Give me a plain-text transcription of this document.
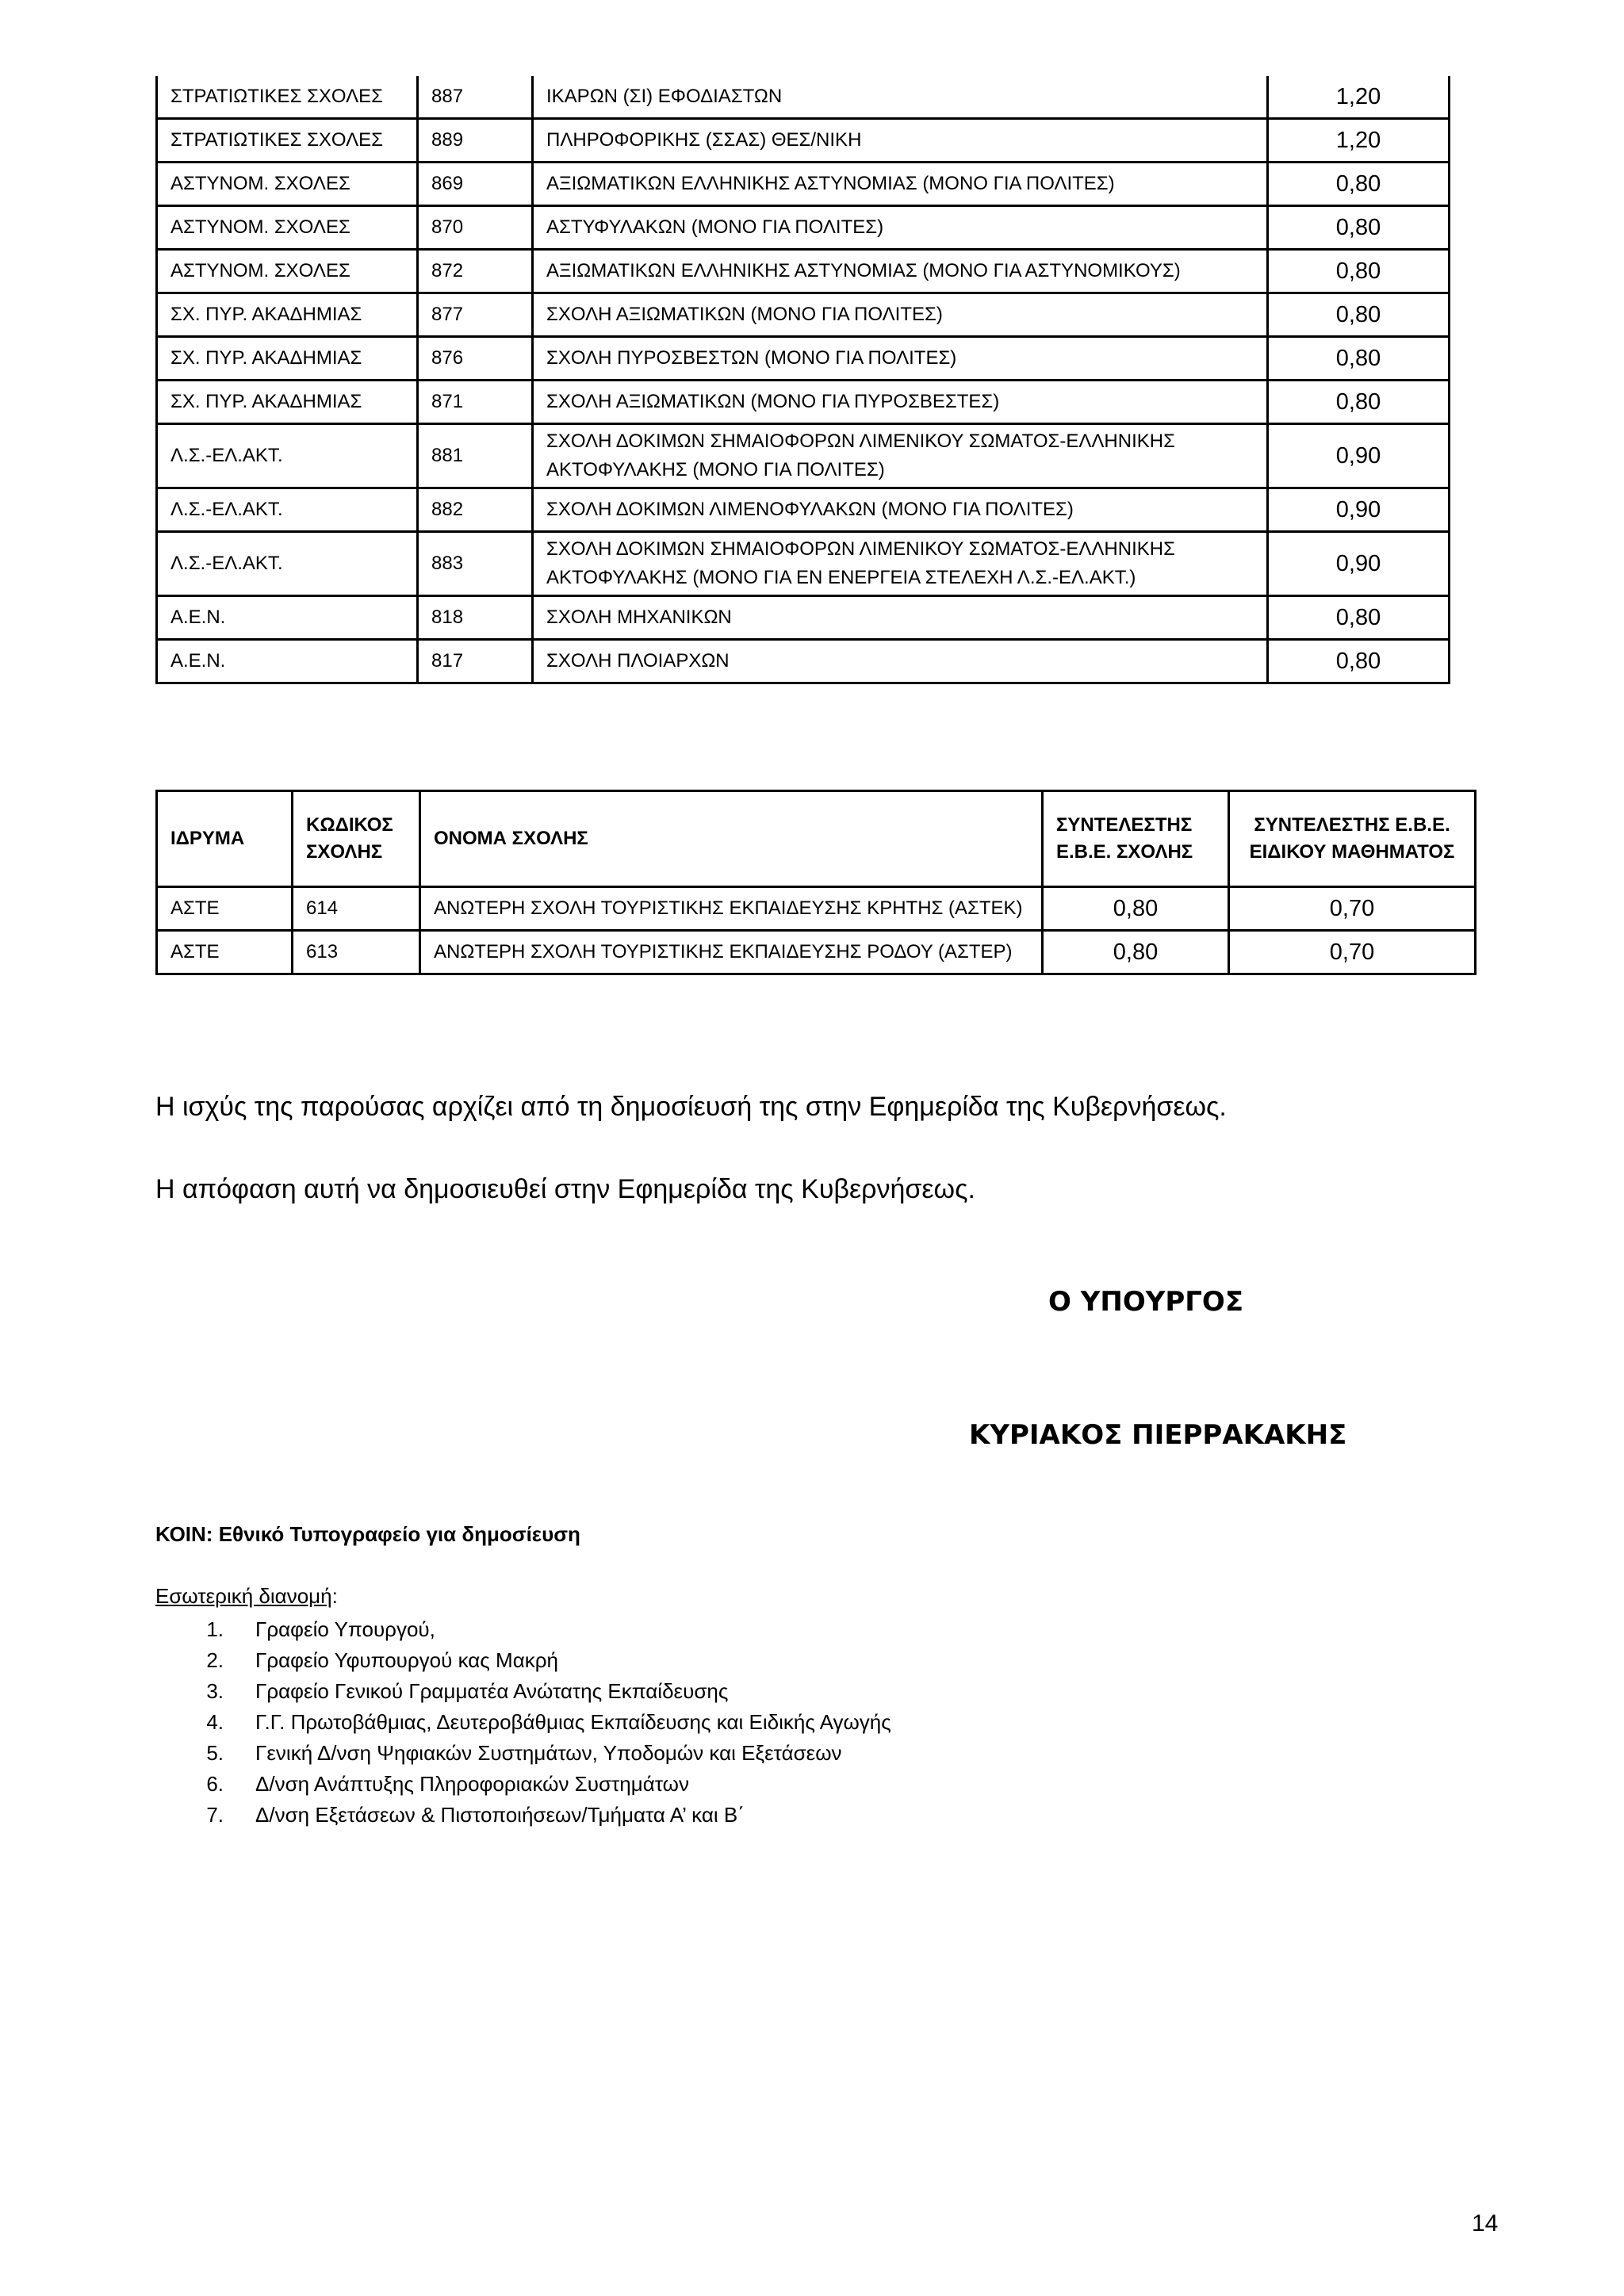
ΣΤΡΑΤΙΩΤΙΚΕΣ ΣΧΟΛΕΣ	887	ΙΚΑΡΩΝ (ΣΙ) ΕΦΟΔΙΑΣΤΩΝ	1,20
ΣΤΡΑΤΙΩΤΙΚΕΣ ΣΧΟΛΕΣ	889	ΠΛΗΡΟΦΟΡΙΚΗΣ (ΣΣΑΣ) ΘΕΣ/ΝΙΚΗ	1,20
ΑΣΤΥΝΟΜ. ΣΧΟΛΕΣ	869	ΑΞΙΩΜΑΤΙΚΩΝ ΕΛΛΗΝΙΚΗΣ ΑΣΤΥΝΟΜΙΑΣ (ΜΟΝΟ ΓΙΑ ΠΟΛΙΤΕΣ)	0,80
ΑΣΤΥΝΟΜ. ΣΧΟΛΕΣ	870	ΑΣΤΥΦΥΛΑΚΩΝ (ΜΟΝΟ ΓΙΑ ΠΟΛΙΤΕΣ)	0,80
ΑΣΤΥΝΟΜ. ΣΧΟΛΕΣ	872	ΑΞΙΩΜΑΤΙΚΩΝ ΕΛΛΗΝΙΚΗΣ ΑΣΤΥΝΟΜΙΑΣ (ΜΟΝΟ ΓΙΑ ΑΣΤΥΝΟΜΙΚΟΥΣ)	0,80
ΣΧ. ΠΥΡ. ΑΚΑΔΗΜΙΑΣ	877	ΣΧΟΛΗ ΑΞΙΩΜΑΤΙΚΩΝ (ΜΟΝΟ ΓΙΑ ΠΟΛΙΤΕΣ)	0,80
ΣΧ. ΠΥΡ. ΑΚΑΔΗΜΙΑΣ	876	ΣΧΟΛΗ ΠΥΡΟΣΒΕΣΤΩΝ (ΜΟΝΟ ΓΙΑ ΠΟΛΙΤΕΣ)	0,80
ΣΧ. ΠΥΡ. ΑΚΑΔΗΜΙΑΣ	871	ΣΧΟΛΗ ΑΞΙΩΜΑΤΙΚΩΝ (ΜΟΝΟ ΓΙΑ ΠΥΡΟΣΒΕΣΤΕΣ)	0,80
Λ.Σ.-ΕΛ.ΑΚΤ.	881	ΣΧΟΛΗ ΔΟΚΙΜΩΝ ΣΗΜΑΙΟΦΟΡΩΝ ΛΙΜΕΝΙΚΟΥ ΣΩΜΑΤΟΣ-ΕΛΛΗΝΙΚΗΣ ΑΚΤΟΦΥΛΑΚΗΣ (ΜΟΝΟ ΓΙΑ ΠΟΛΙΤΕΣ)	0,90
Λ.Σ.-ΕΛ.ΑΚΤ.	882	ΣΧΟΛΗ ΔΟΚΙΜΩΝ ΛΙΜΕΝΟΦΥΛΑΚΩΝ (ΜΟΝΟ ΓΙΑ ΠΟΛΙΤΕΣ)	0,90
Λ.Σ.-ΕΛ.ΑΚΤ.	883	ΣΧΟΛΗ ΔΟΚΙΜΩΝ ΣΗΜΑΙΟΦΟΡΩΝ ΛΙΜΕΝΙΚΟΥ ΣΩΜΑΤΟΣ-ΕΛΛΗΝΙΚΗΣ ΑΚΤΟΦΥΛΑΚΗΣ (ΜΟΝΟ ΓΙΑ ΕΝ ΕΝΕΡΓΕΙΑ ΣΤΕΛΕΧΗ Λ.Σ.-ΕΛ.ΑΚΤ.)	0,90
Α.Ε.Ν.	818	ΣΧΟΛΗ ΜΗΧΑΝΙΚΩΝ	0,80
Α.Ε.Ν.	817	ΣΧΟΛΗ ΠΛΟΙΑΡΧΩΝ	0,80
ΙΔΡΥΜΑ	ΚΩΔΙΚΟΣ ΣΧΟΛΗΣ	ΟΝΟΜΑ ΣΧΟΛΗΣ	ΣΥΝΤΕΛΕΣΤΗΣ Ε.Β.Ε. ΣΧΟΛΗΣ	ΣΥΝΤΕΛΕΣΤΗΣ Ε.Β.Ε. ΕΙΔΙΚΟΥ ΜΑΘΗΜΑΤΟΣ
ΑΣΤΕ	614	ΑΝΩΤΕΡΗ ΣΧΟΛΗ ΤΟΥΡΙΣΤΙΚΗΣ ΕΚΠΑΙΔΕΥΣΗΣ ΚΡΗΤΗΣ (ΑΣΤΕΚ)	0,80	0,70
ΑΣΤΕ	613	ΑΝΩΤΕΡΗ ΣΧΟΛΗ ΤΟΥΡΙΣΤΙΚΗΣ ΕΚΠΑΙΔΕΥΣΗΣ ΡΟΔΟΥ (ΑΣΤΕΡ)	0,80	0,70
Η ισχύς της παρούσας αρχίζει από τη δημοσίευσή της στην Εφημερίδα της Κυβερνήσεως.
Η απόφαση αυτή να δημοσιευθεί στην Εφημερίδα της Κυβερνήσεως.
Ο ΥΠΟΥΡΓΟΣ
ΚΥΡΙΑΚΟΣ ΠΙΕΡΡΑΚΑΚΗΣ
ΚΟΙΝ: Εθνικό Τυπογραφείο για δημοσίευση
Εσωτερική διανομή:
1.	Γραφείο Υπουργού,
2.	Γραφείο Υφυπουργού κας Μακρή
3.	Γραφείο Γενικού Γραμματέα Ανώτατης Εκπαίδευσης
4.	Γ.Γ. Πρωτοβάθμιας, Δευτεροβάθμιας Εκπαίδευσης και Ειδικής Αγωγής
5.	Γενική Δ/νση Ψηφιακών Συστημάτων, Υποδομών και Εξετάσεων
6.	Δ/νση Ανάπτυξης Πληροφοριακών Συστημάτων
7.	Δ/νση Εξετάσεων & Πιστοποιήσεων/Τμήματα Α’ και Β΄
14
